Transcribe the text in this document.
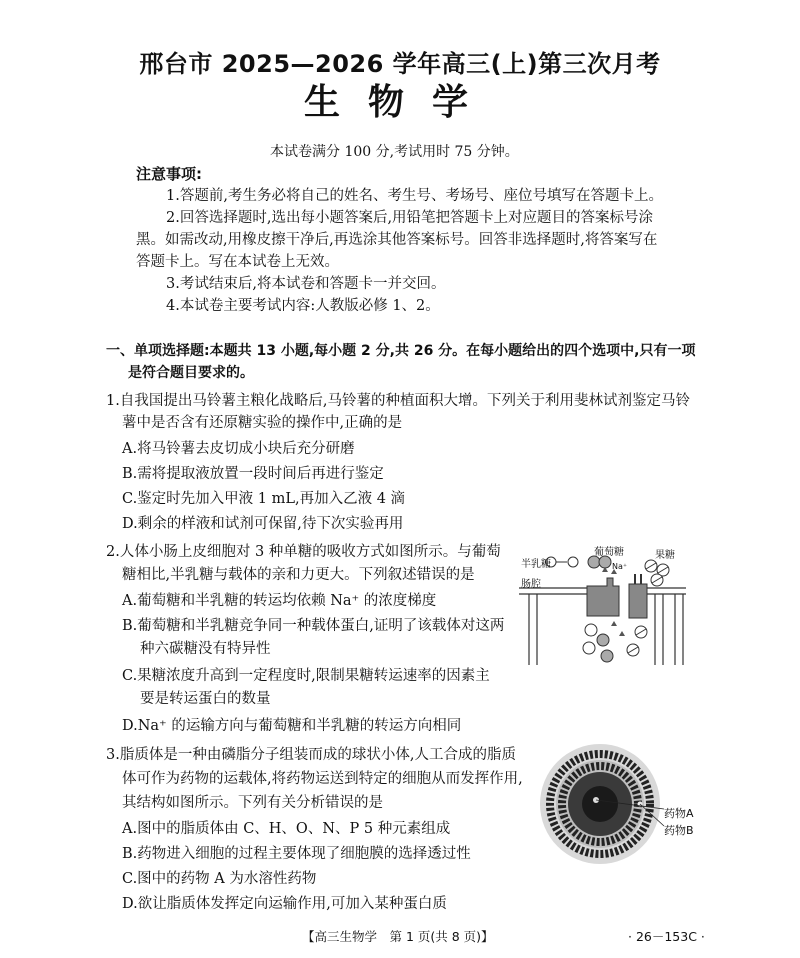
邢台市 2025—2026 学年高三(上)第三次月考
生物学
本试卷满分 100 分,考试用时 75 分钟。
注意事项:
1.答题前,考生务必将自己的姓名、考生号、考场号、座位号填写在答题卡上。
2.回答选择题时,选出每小题答案后,用铅笔把答题卡上对应题目的答案标号涂
黑。如需改动,用橡皮擦干净后,再选涂其他答案标号。回答非选择题时,将答案写在
答题卡上。写在本试卷上无效。
3.考试结束后,将本试卷和答题卡一并交回。
4.本试卷主要考试内容:人教版必修 1、2。
一、单项选择题:本题共 13 小题,每小题 2 分,共 26 分。在每小题给出的四个选项中,只有一项
是符合题目要求的。
1.自我国提出马铃薯主粮化战略后,马铃薯的种植面积大增。下列关于利用斐林试剂鉴定马铃
薯中是否含有还原糖实验的操作中,正确的是
A.将马铃薯去皮切成小块后充分研磨
B.需将提取液放置一段时间后再进行鉴定
C.鉴定时先加入甲液 1 mL,再加入乙液 4 滴
D.剩余的样液和试剂可保留,待下次实验再用
2.人体小肠上皮细胞对 3 种单糖的吸收方式如图所示。与葡萄
糖相比,半乳糖与载体的亲和力更大。下列叙述错误的是
A.葡萄糖和半乳糖的转运均依赖 Na⁺ 的浓度梯度
B.葡萄糖和半乳糖竞争同一种载体蛋白,证明了该载体对这两
种六碳糖没有特异性
C.果糖浓度升高到一定程度时,限制果糖转运速率的因素主
要是转运蛋白的数量
D.Na⁺ 的运输方向与葡萄糖和半乳糖的转运方向相同
半乳糖
葡萄糖	果糖
肠腔
Na⁺
3.脂质体是一种由磷脂分子组装而成的球状小体,人工合成的脂质
体可作为药物的运载体,将药物运送到特定的细胞从而发挥作用,
其结构如图所示。下列有关分析错误的是
A.图中的脂质体由 C、H、O、N、P 5 种元素组成
B.药物进入细胞的过程主要体现了细胞膜的选择透过性
C.图中的药物 A 为水溶性药物
D.欲让脂质体发挥定向运输作用,可加入某种蛋白质
药物A
药物B
【高三生物学　第 1 页(共 8 页)】	· 26－153C ·
